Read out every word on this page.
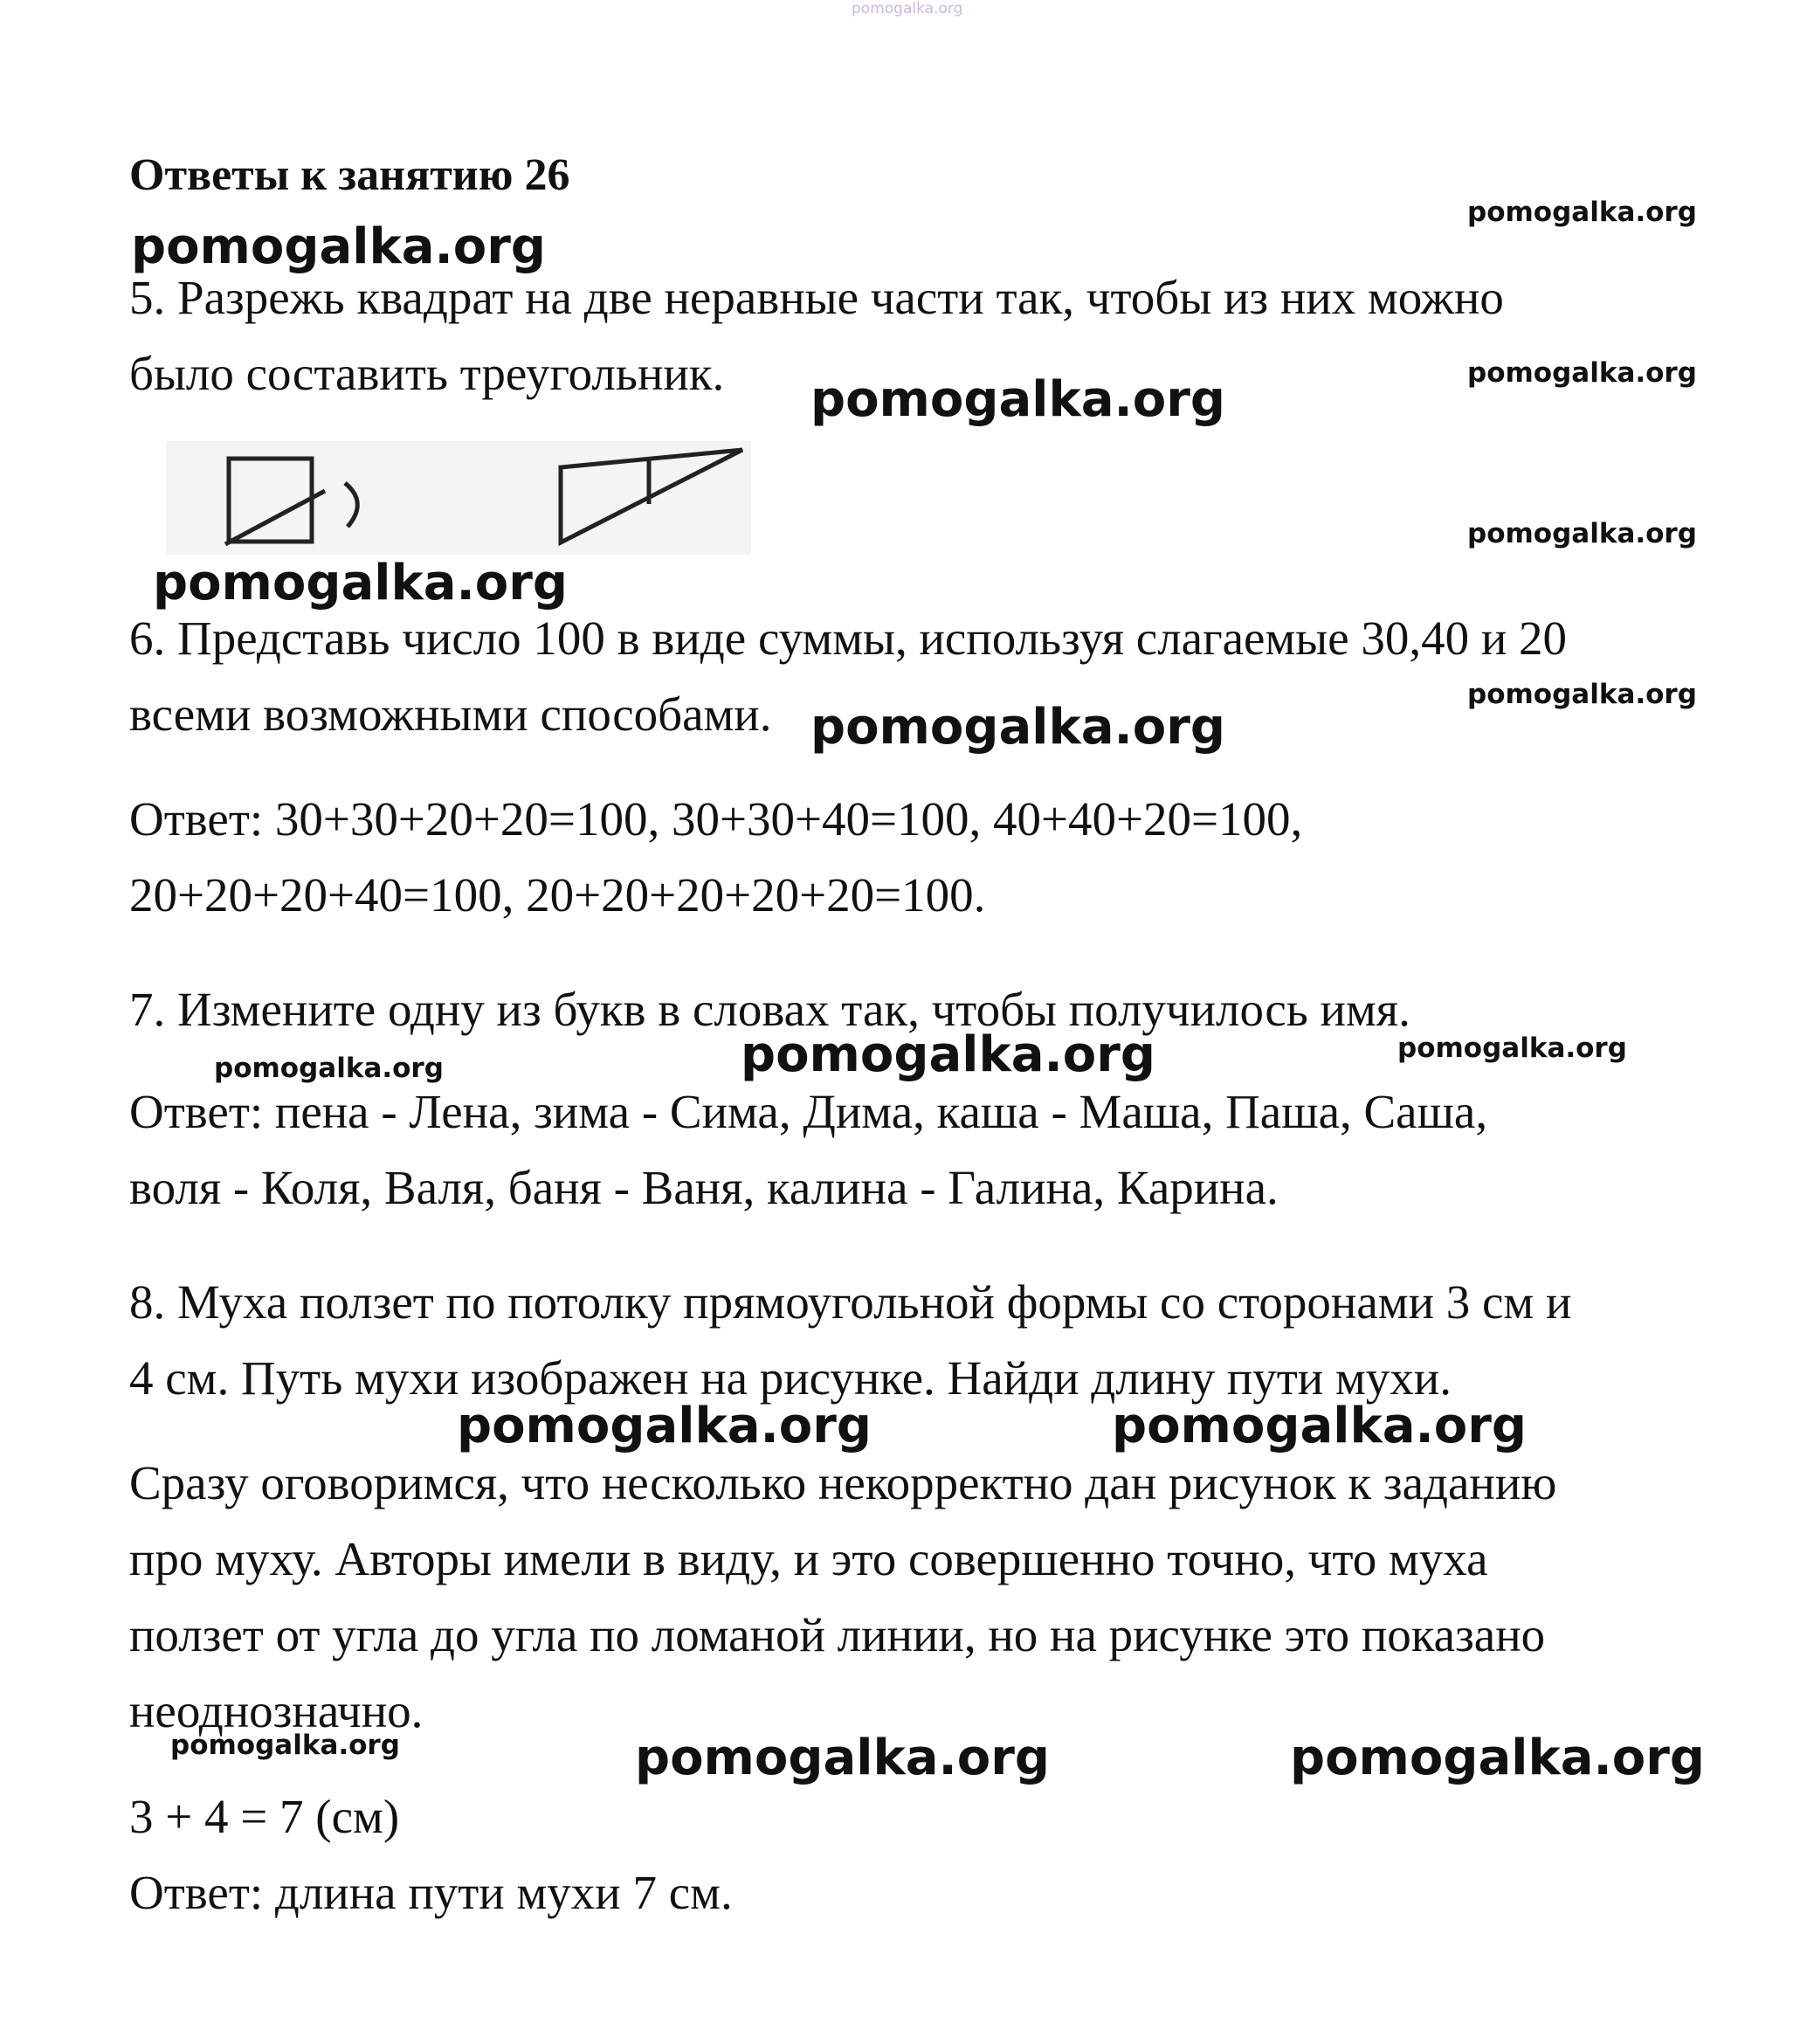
pomogalka.org
Ответы к занятию 26
pomogalka.org
pomogalka.org
5. Разрежь квадрат на две неравные части так, чтобы из них можно
было составить треугольник.	pomogalka.org
pomogalka.org
pomogalka.org
pomogalka.org
6. Представь число 100 в виде суммы, используя слагаемые 30,40 и 20
pomogalka.org
всеми возможными способами. pomogalka.org
Ответ: 30+30+20+20=100, 30+30+40=100, 40+40+20=100,
20+20+20+40=100, 20+20+20+20+20=100.
7. Измените одну из букв в словах так, чтобы получилось имя.
pomogalka.org	pomogalka.org
pomogalka.org
Ответ: пена - Лена, зима - Сима, Дима, каша - Маша, Паша, Саша,
воля - Коля, Валя, баня - Ваня, калина - Галина, Карина.
8. Муха ползет по потолку прямоугольной формы со сторонами 3 см и
4 см. Путь мухи изображен на рисунке. Найди длину пути мухи.
pomogalka.org	pomogalka.org
Сразу оговоримся, что несколько некорректно дан рисунок к заданию
про муху. Авторы имели в виду, и это совершенно точно, что муха
ползет от угла до угла по ломаной линии, но на рисунке это показано
неоднозначно.
pomogalka.org	pomogalka.org	pomogalka.org
3 + 4 = 7 (см)
Ответ: длина пути мухи 7 см.
